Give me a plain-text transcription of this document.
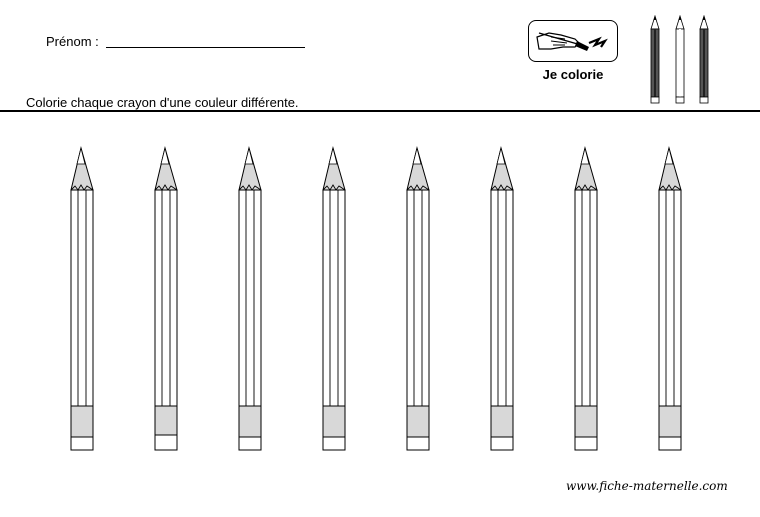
Prénom :
Je colorie
Colorie chaque crayon d'une couleur différente.
www.fiche-maternelle.com
